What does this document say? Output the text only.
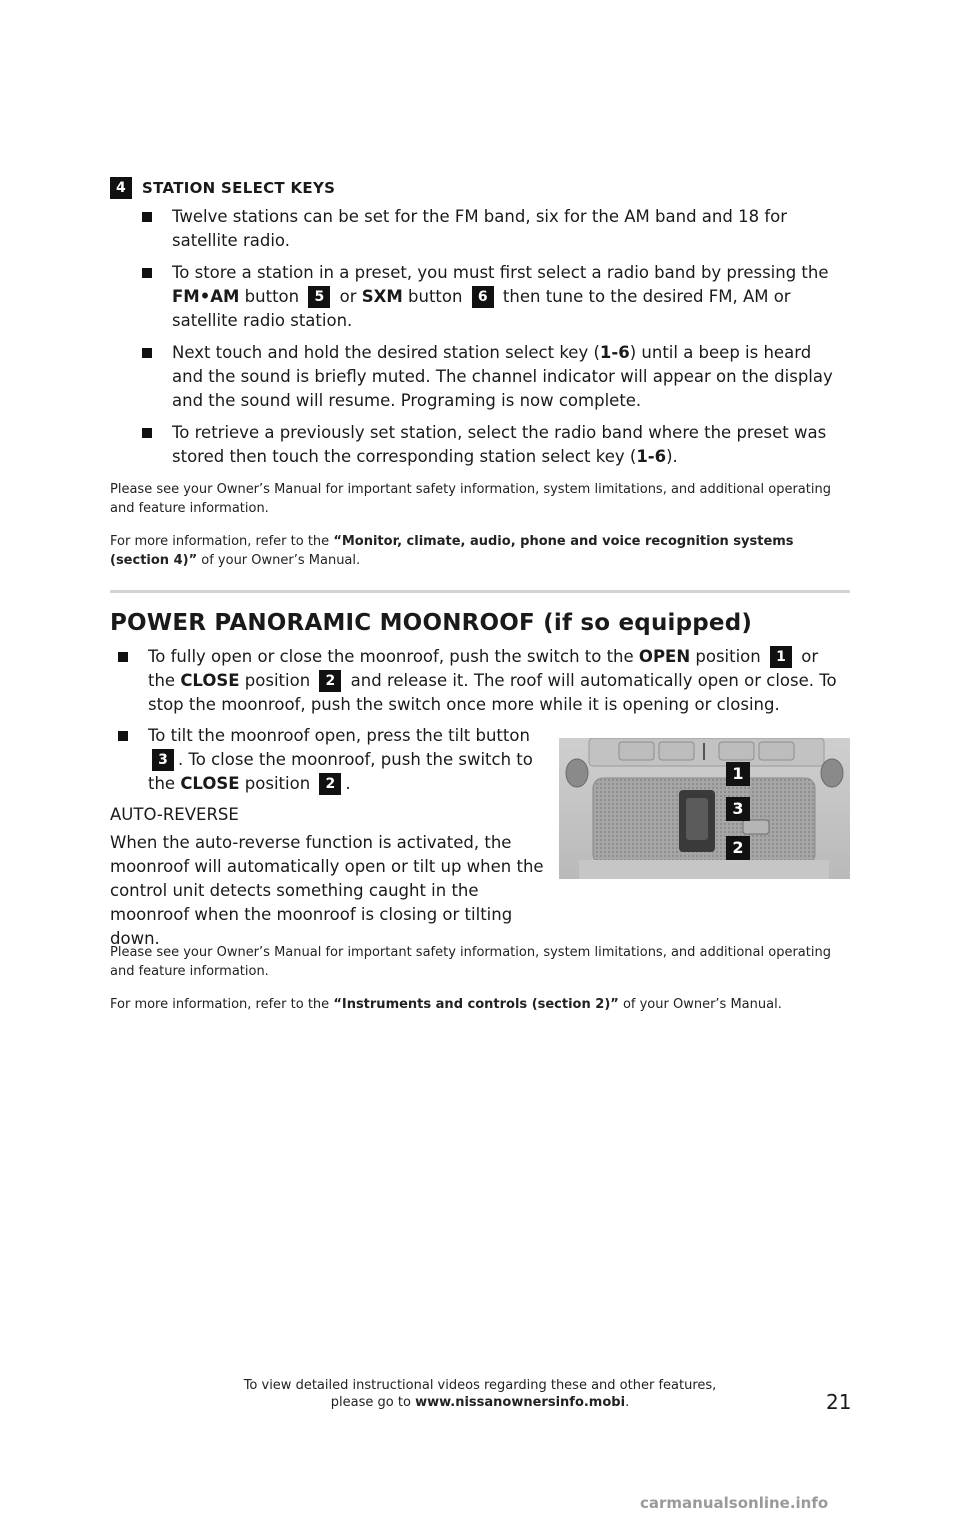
4 STATION SELECT KEYS
Twelve stations can be set for the FM band, six for the AM band and 18 for satellite radio.
To store a station in a preset, you must first select a radio band by pressing the FM•AM button 5 or SXM button 6 then tune to the desired FM, AM or satellite radio station.
Next touch and hold the desired station select key (1-6) until a beep is heard and the sound is briefly muted. The channel indicator will appear on the display and the sound will resume. Programing is now complete.
To retrieve a previously set station, select the radio band where the preset was stored then touch the corresponding station select key (1-6).
Please see your Owner’s Manual for important safety information, system limitations, and additional operating and feature information.
For more information, refer to the “Monitor, climate, audio, phone and voice recognition systems (section 4)” of your Owner’s Manual.
POWER PANORAMIC MOONROOF (if so equipped)
To fully open or close the moonroof, push the switch to the OPEN position 1 or the CLOSE position 2 and release it. The roof will automatically open or close. To stop the moonroof, push the switch once more while it is opening or closing.
To tilt the moonroof open, press the tilt button 3 . To close the moonroof, push the switch to the CLOSE position 2 .
AUTO-REVERSE
When the auto-reverse function is activated, the moonroof will automatically open or tilt up when the control unit detects something caught in the moonroof when the moonroof is closing or tilting down.
1
3
2
Please see your Owner’s Manual for important safety information, system limitations, and additional operating and feature information.
For more information, refer to the “Instruments and controls (section 2)” of your Owner’s Manual.
To view detailed instructional videos regarding these and other features,
please go to www.nissanownersinfo.mobi.	21
carmanualsonline.info
